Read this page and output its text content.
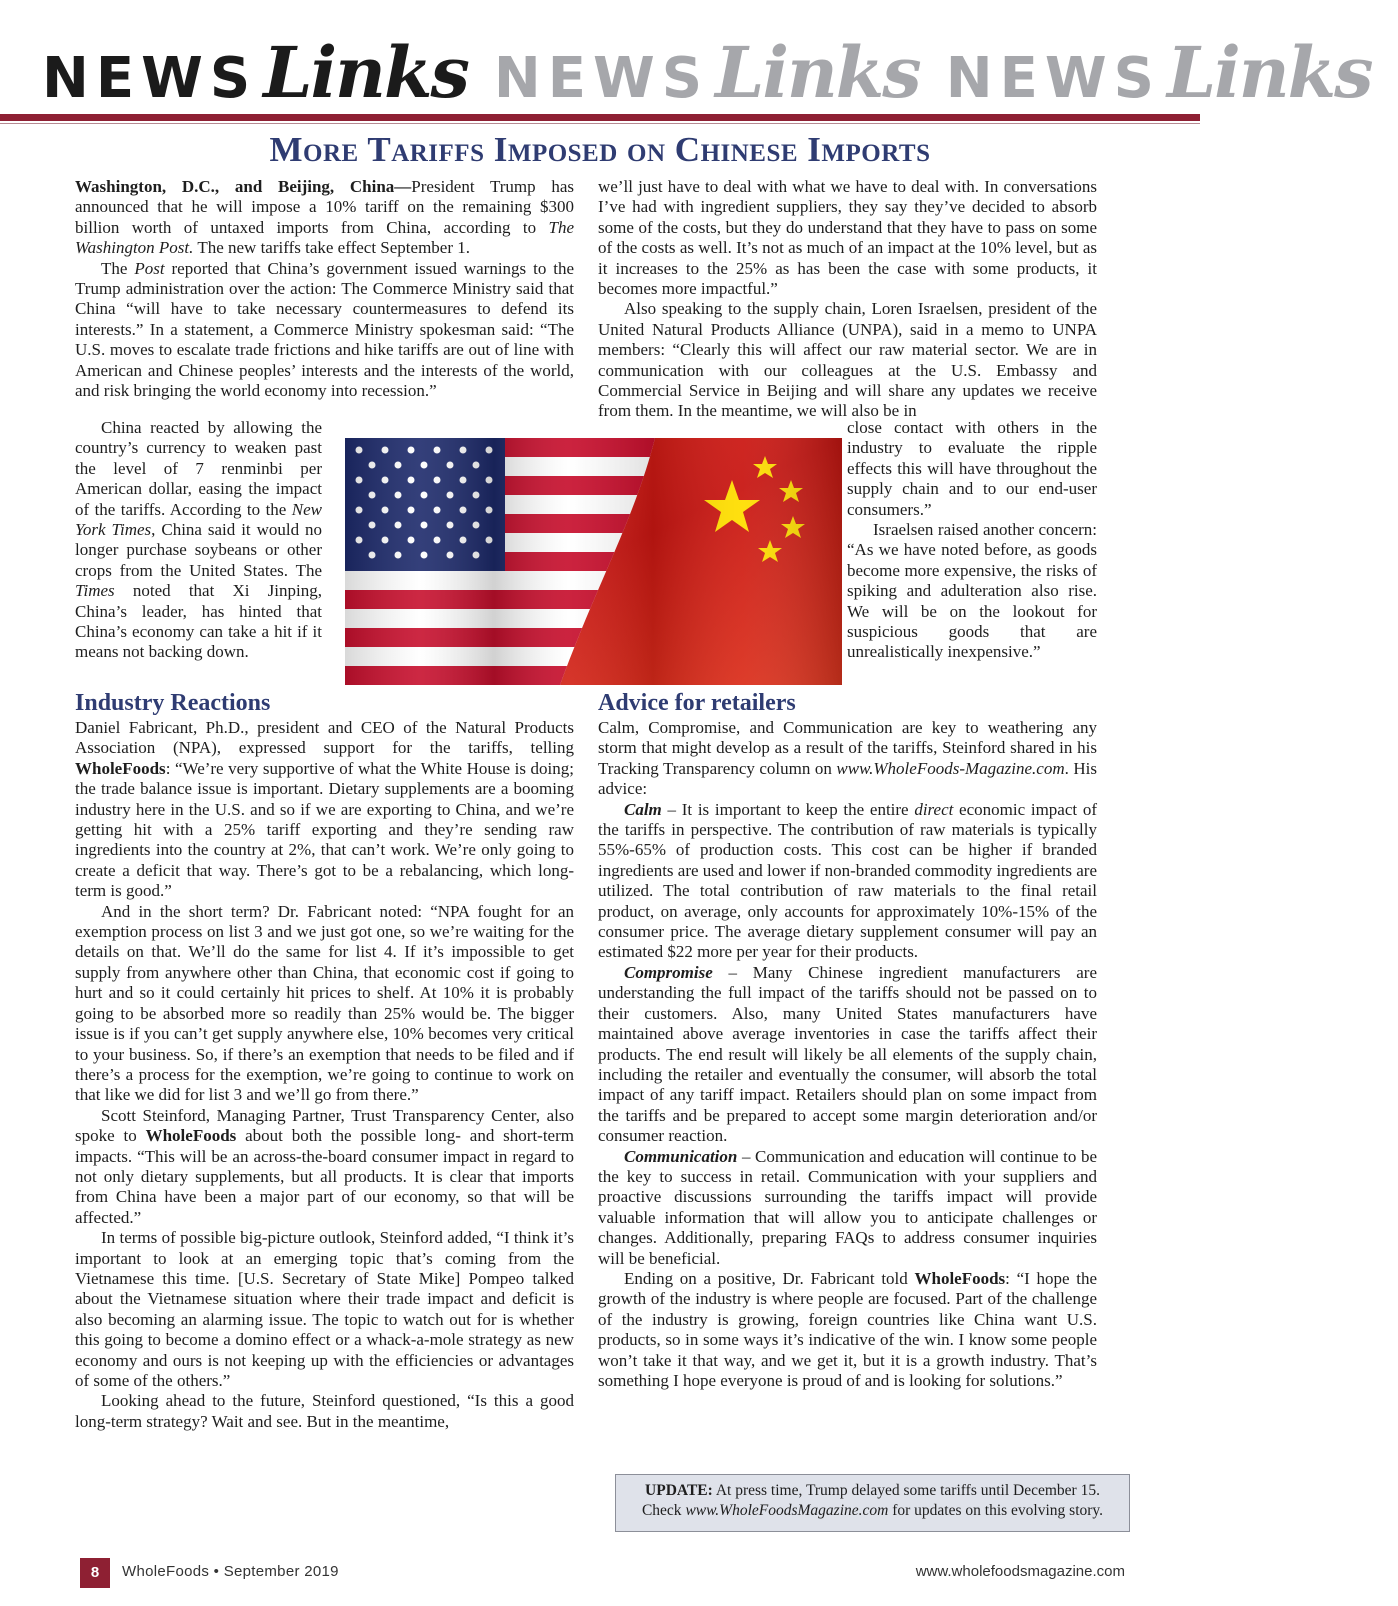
NEWSLinks NEWSLinks NEWSLinks
More Tariffs Imposed on Chinese Imports

Washington, D.C., and Beijing, China—President Trump has announced that he will impose a 10% tariff on the remaining $300 billion worth of untaxed imports from China, according to The Washington Post. The new tariffs take effect September 1.

The Post reported that China’s government issued warnings to the Trump administration over the action: The Commerce Ministry said that China “will have to take necessary countermeasures to defend its interests.” In a statement, a Commerce Ministry spokesman said: “The U.S. moves to escalate trade frictions and hike tariffs are out of line with American and Chinese peoples’ interests and the interests of the world, and risk bringing the world economy into recession.”

China reacted by allowing the country’s currency to weaken past the level of 7 renminbi per American dollar, easing the impact of the tariffs. According to the New York Times, China said it would no longer purchase soybeans or other crops from the United States. The Times noted that Xi Jinping, China’s leader, has hinted that China’s economy can take a hit if it means not backing down.

Industry Reactions

Daniel Fabricant, Ph.D., president and CEO of the Natural Products Association (NPA), expressed support for the tariffs, telling WholeFoods: “We’re very supportive of what the White House is doing; the trade balance issue is important. Dietary supplements are a booming industry here in the U.S. and so if we are exporting to China, and we’re getting hit with a 25% tariff exporting and they’re sending raw ingredients into the country at 2%, that can’t work. We’re only going to create a deficit that way. There’s got to be a rebalancing, which long-term is good.”

And in the short term? Dr. Fabricant noted: “NPA fought for an exemption process on list 3 and we just got one, so we’re waiting for the details on that. We’ll do the same for list 4. If it’s impossible to get supply from anywhere other than China, that economic cost if going to hurt and so it could certainly hit prices to shelf. At 10% it is probably going to be absorbed more so readily than 25% would be. The bigger issue is if you can’t get supply anywhere else, 10% becomes very critical to your business. So, if there’s an exemption that needs to be filed and if there’s a process for the exemption, we’re going to continue to work on that like we did for list 3 and we’ll go from there.”

Scott Steinford, Managing Partner, Trust Transparency Center, also spoke to WholeFoods about both the possible long- and short-term impacts. “This will be an across-the-board consumer impact in regard to not only dietary supplements, but all products. It is clear that imports from China have been a major part of our economy, so that will be affected.”

In terms of possible big-picture outlook, Steinford added, “I think it’s important to look at an emerging topic that’s coming from the Vietnamese this time. [U.S. Secretary of State Mike] Pompeo talked about the Vietnamese situation where their trade impact and deficit is also becoming an alarming issue. The topic to watch out for is whether this going to become a domino effect or a whack-a-mole strategy as new economy and ours is not keeping up with the efficiencies or advantages of some of the others.”

Looking ahead to the future, Steinford questioned, “Is this a good long-term strategy? Wait and see. But in the meantime,

we’ll just have to deal with what we have to deal with. In conversations I’ve had with ingredient suppliers, they say they’ve decided to absorb some of the costs, but they do understand that they have to pass on some of the costs as well. It’s not as much of an impact at the 10% level, but as it increases to the 25% as has been the case with some products, it becomes more impactful.”

Also speaking to the supply chain, Loren Israelsen, president of the United Natural Products Alliance (UNPA), said in a memo to UNPA members: “Clearly this will affect our raw material sector. We are in communication with our colleagues at the U.S. Embassy and Commercial Service in Beijing and will share any updates we receive from them. In the meantime, we will also be in

close contact with others in the industry to evaluate the ripple effects this will have throughout the supply chain and to our end-user consumers.”

Israelsen raised another concern: “As we have noted before, as goods become more expensive, the risks of spiking and adulteration also rise. We will be on the lookout for suspicious goods that are unrealistically inexpensive.”

Advice for retailers

Calm, Compromise, and Communication are key to weathering any storm that might develop as a result of the tariffs, Steinford shared in his Tracking Transparency column on www.WholeFoods-Magazine.com. His advice:

Calm – It is important to keep the entire direct economic impact of the tariffs in perspective. The contribution of raw materials is typically 55%-65% of production costs. This cost can be higher if branded ingredients are used and lower if non-branded commodity ingredients are utilized. The total contribution of raw materials to the final retail product, on average, only accounts for approximately 10%-15% of the consumer price. The average dietary supplement consumer will pay an estimated $22 more per year for their products.

Compromise – Many Chinese ingredient manufacturers are understanding the full impact of the tariffs should not be passed on to their customers. Also, many United States manufacturers have maintained above average inventories in case the tariffs affect their products. The end result will likely be all elements of the supply chain, including the retailer and eventually the consumer, will absorb the total impact of any tariff impact. Retailers should plan on some impact from the tariffs and be prepared to accept some margin deterioration and/or consumer reaction.

Communication – Communication and education will continue to be the key to success in retail. Communication with your suppliers and proactive discussions surrounding the tariffs impact will provide valuable information that will allow you to anticipate challenges or changes. Additionally, preparing FAQs to address consumer inquiries will be beneficial.

Ending on a positive, Dr. Fabricant told WholeFoods: “I hope the growth of the industry is where people are focused. Part of the challenge of the industry is growing, foreign countries like China want U.S. products, so in some ways it’s indicative of the win. I know some people won’t take it that way, and we get it, but it is a growth industry. That’s something I hope everyone is proud of and is looking for solutions.”

UPDATE: At press time, Trump delayed some tariffs until December 15. Check www.WholeFoodsMagazine.com for updates on this evolving story.
8	WholeFoods • September 2019	www.wholefoodsmagazine.com
